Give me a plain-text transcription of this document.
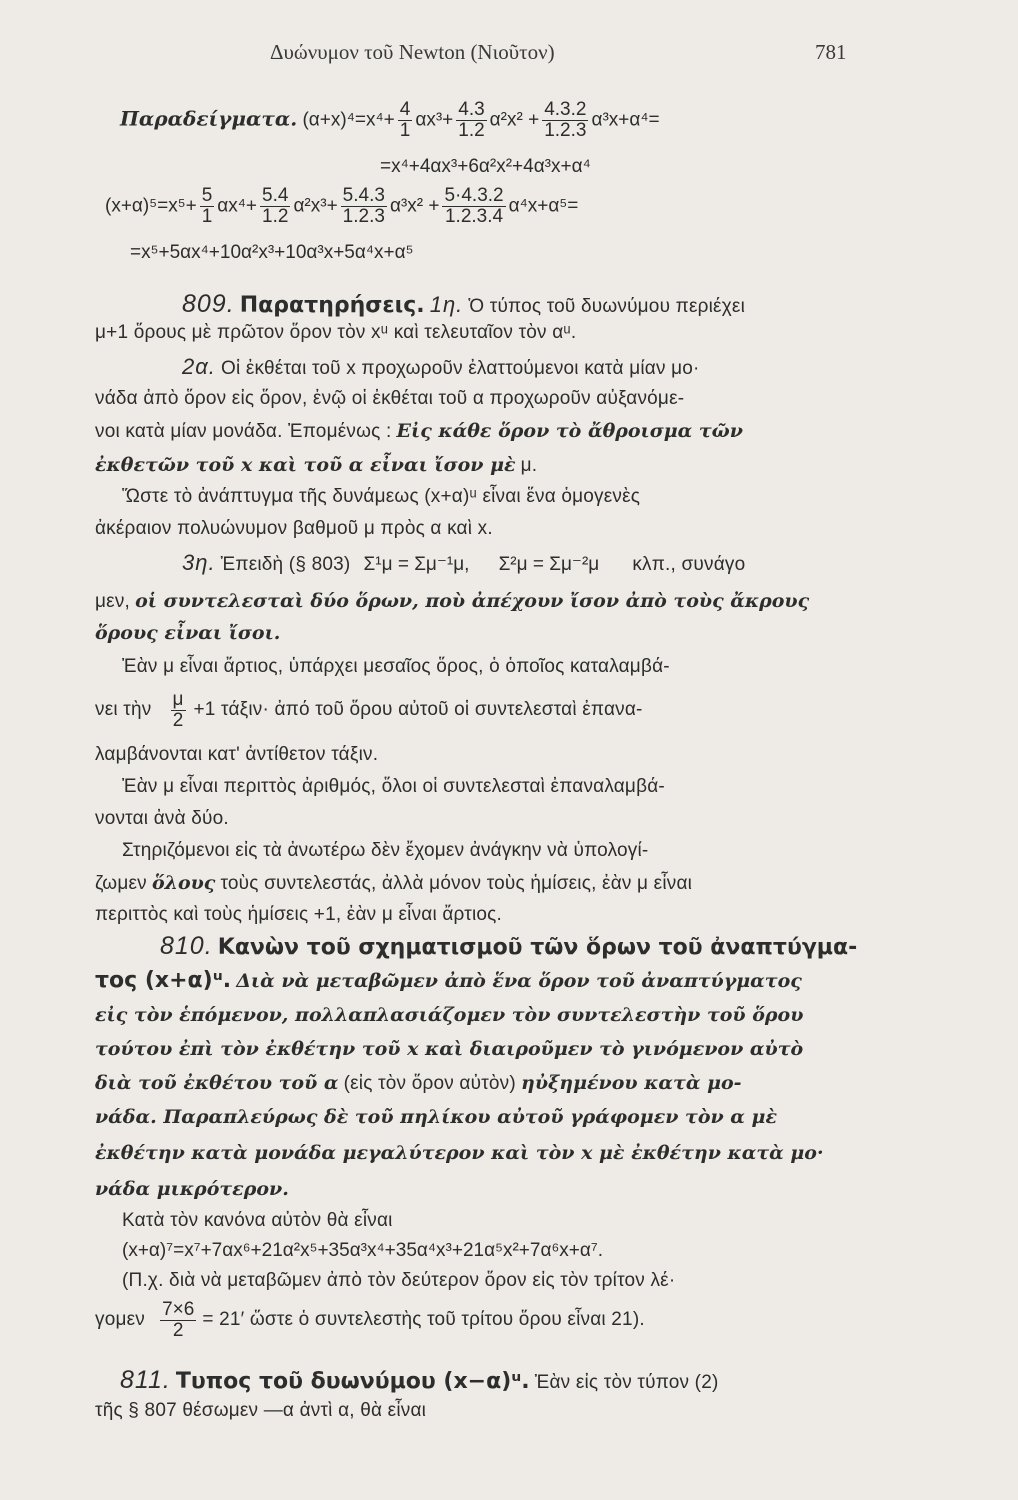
Δυώνυμον τοῦ Newton (Νιοῦτον)	781
Παραδείγματα. $(\alpha+x)^4=x^4+ \frac{4}{1} \alpha x^3+ \frac{4.3}{1.2} \alpha^2x^2 + \frac{4.3.2}{1.2.3} \alpha^3x+\alpha^4=$
=x⁴+4αx³+6α²x²+4α³x+α⁴
$(x+\alpha)^5=x^5+ \frac{5}{1} \alpha x^4+ \frac{5.4}{1.2} \alpha^2x^3+ \frac{5.4.3}{1.2.3} \alpha^3x^2 + \frac{5\cdot 4.3.2}{1.2.3.4} \alpha^4x+\alpha^5=$
=x⁵+5αx⁴+10α²x³+10α³x+5α⁴x+α⁵
809. Παρατηρήσεις. 1η. Ὁ τύπος τοῦ δυωνύμου περιέχει
μ+1 ὅρους μὲ πρῶτον ὅρον τὸν xᵘ καὶ τελευταῖον τὸν αᵘ.
2α. Οἱ ἐκθέται τοῦ x προχωροῦν ἐλαττούμενοι κατὰ μίαν μο·
νάδα ἀπὸ ὅρον εἰς ὅρον, ἐνῷ οἱ ἐκθέται τοῦ α προχωροῦν αὐξανόμε-
νοι κατὰ μίαν μονάδα. Ἐπομένως : Εἰς κάθε ὅρον τὸ ἄθροισμα τῶν
ἐκθετῶν τοῦ x καὶ τοῦ α εἶναι ἴσον μὲ μ.
Ὥστε τὸ ἀνάπτυγμα τῆς δυνάμεως (x+α)ᵘ εἶναι ἕνα ὁμογενὲς
ἀκέραιον πολυώνυμον βαθμοῦ μ πρὸς α καὶ x.
3η. Ἐπειδὴ (§ 803) Σ¹μ = Σμ⁻¹μ, Σ²μ = Σμ⁻²μ κλπ., συνάγο
μεν, οἱ συντελεσταὶ δύο ὅρων, ποὺ ἀπέχουν ἴσον ἀπὸ τοὺς ἄκρους
ὅρους εἶναι ἴσοι.
Ἐὰν μ εἶναι ἄρτιος, ὑπάρχει μεσαῖος ὅρος, ὁ ὁποῖος καταλαμβά-
νει τὴν $\frac{\mu}{2} +1$ τάξιν· ἀπό τοῦ ὅρου αὐτοῦ οἱ συντελεσταὶ ἐπανα-
λαμβάνονται κατ' ἀντίθετον τάξιν.
Ἐὰν μ εἶναι περιττὸς ἀριθμός, ὅλοι οἱ συντελεσταὶ ἐπαναλαμβά-
νονται ἀνὰ δύο.
Στηριζόμενοι εἰς τὰ ἀνωτέρω δὲν ἔχομεν ἀνάγκην νὰ ὑπολογί-
ζωμεν ὅλους τοὺς συντελεστάς, ἀλλὰ μόνον τοὺς ἡμίσεις, ἐὰν μ εἶναι
περιττὸς καὶ τοὺς ἡμίσεις +1, ἐὰν μ εἶναι ἄρτιος.
810. Κανὼν τοῦ σχηματισμοῦ τῶν ὅρων τοῦ ἀναπτύγμα-
τος (x+α)ᵘ. Διὰ νὰ μεταβῶμεν ἀπὸ ἕνα ὅρον τοῦ ἀναπτύγματος
εἰς τὸν ἑπόμενον, πολλαπλασιάζομεν τὸν συντελεστὴν τοῦ ὅρου
τούτου ἐπὶ τὸν ἐκθέτην τοῦ x καὶ διαιροῦμεν τὸ γινόμενον αὐτὸ
διὰ τοῦ ἐκθέτου τοῦ α (εἰς τὸν ὅρον αὐτὸν) ηὐξημένου κατὰ μο-
νάδα. Παραπλεύρως δὲ τοῦ πηλίκου αὐτοῦ γράφομεν τὸν α μὲ
ἐκθέτην κατὰ μονάδα μεγαλύτερον καὶ τὸν x μὲ ἐκθέτην κατὰ μο·
νάδα μικρότερον.
Κατὰ τὸν κανόνα αὐτὸν θὰ εἶναι
(x+α)⁷=x⁷+7αx⁶+21α²x⁵+35α³x⁴+35α⁴x³+21α⁵x²+7α⁶x+α⁷.
(Π.χ. διὰ νὰ μεταβῶμεν ἀπὸ τὸν δεύτερον ὅρον εἰς τὸν τρίτον λέ·
γομεν $\frac{7\times 6}{2} = 21'$ ὥστε ὁ συντελεστὴς τοῦ τρίτου ὅρου εἶναι 21).
811. Τυπος τοῦ δυωνύμου (x−α)ᵘ. Ἐὰν εἰς τὸν τύπον (2)
τῆς § 807 θέσωμεν —α ἀντὶ α, θὰ εἶναι
